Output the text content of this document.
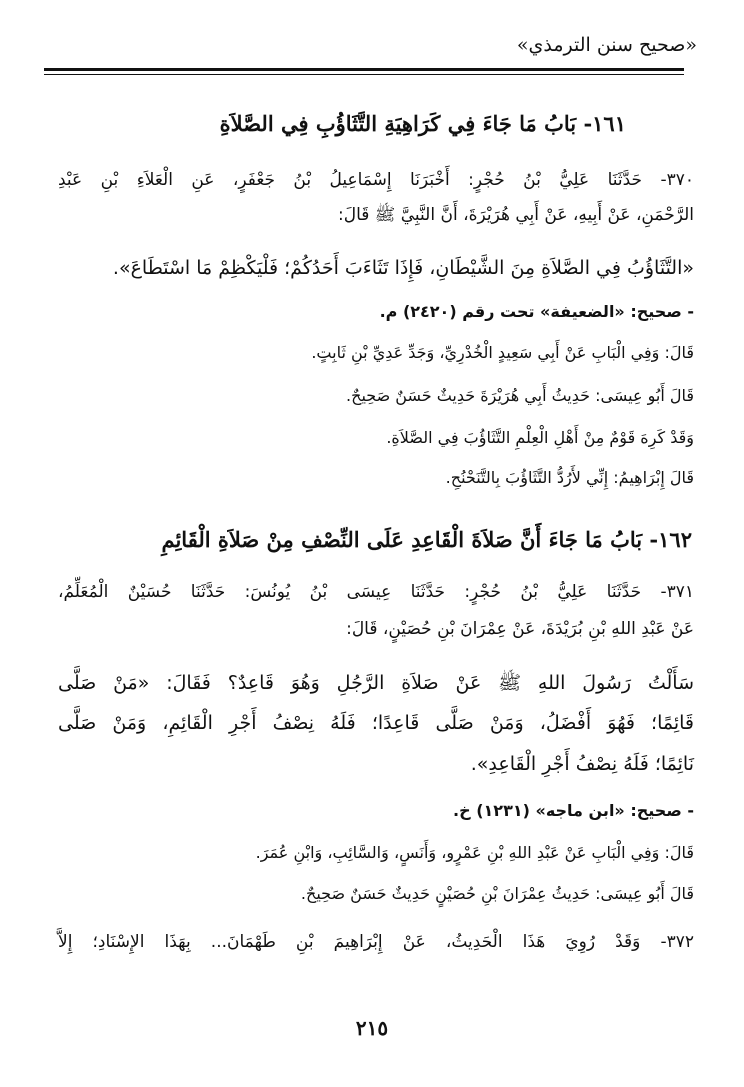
«صحيح سنن الترمذي»
١٦١- بَابُ مَا جَاءَ فِي كَرَاهِيَةِ التَّثَاؤُبِ فِي الصَّلاَةِ
٣٧٠- حَدَّثَنَا عَلِيُّ بْنُ حُجْرٍ: أَخْبَرَنَا إِسْمَاعِيلُ بْنُ جَعْفَرٍ، عَنِ الْعَلاَءِ بْنِ عَبْدِ
الرَّحْمَنِ، عَنْ أَبِيهِ، عَنْ أَبِي هُرَيْرَةَ، أَنَّ النَّبِيَّ ﷺ قَالَ:
«التَّثَاؤُبُ فِي الصَّلاَةِ مِنَ الشَّيْطَانِ، فَإِذَا تَثَاءَبَ أَحَدُكُمْ؛ فَلْيَكْظِمْ مَا اسْتَطَاعَ».
- صحيح: «الضعيفة» تحت رقم (٢٤٢٠) م.
قَالَ: وَفِي الْبَابِ عَنْ أَبِي سَعِيدٍ الْخُدْرِيِّ، وَجَدِّ عَدِيِّ بْنِ ثَابِتٍ.
قَالَ أَبُو عِيسَى: حَدِيثُ أَبِي هُرَيْرَةَ حَدِيثٌ حَسَنٌ صَحِيحٌ.
وَقَدْ كَرِهَ قَوْمٌ مِنْ أَهْلِ الْعِلْمِ التَّثَاؤُبَ فِي الصَّلاَةِ.
قَالَ إِبْرَاهِيمُ: إِنِّي لأَرُدُّ التَّثَاؤُبَ بِالتَّنَحْنُحِ.
١٦٢- بَابُ مَا جَاءَ أَنَّ صَلاَةَ الْقَاعِدِ عَلَى النِّصْفِ مِنْ صَلاَةِ الْقَائِمِ
٣٧١- حَدَّثَنَا عَلِيُّ بْنُ حُجْرٍ: حَدَّثَنَا عِيسَى بْنُ يُونُسَ: حَدَّثَنَا حُسَيْنٌ الْمُعَلِّمُ،
عَنْ عَبْدِ اللهِ بْنِ بُرَيْدَةَ، عَنْ عِمْرَانَ بْنِ حُصَيْنٍ، قَالَ:
سَأَلْتُ رَسُولَ اللهِ ﷺ عَنْ صَلاَةِ الرَّجُلِ وَهُوَ قَاعِدٌ؟ فَقَالَ: «مَنْ صَلَّى
قَائِمًا؛ فَهُوَ أَفْضَلُ، وَمَنْ صَلَّى قَاعِدًا؛ فَلَهُ نِصْفُ أَجْرِ الْقَائِمِ، وَمَنْ صَلَّى
نَائِمًا؛ فَلَهُ نِصْفُ أَجْرِ الْقَاعِدِ».
- صحيح: «ابن ماجه» (١٢٣١) خ.
قَالَ: وَفِي الْبَابِ عَنْ عَبْدِ اللهِ بْنِ عَمْرٍو، وَأَنَسٍ، وَالسَّائِبِ، وَابْنِ عُمَرَ.
قَالَ أَبُو عِيسَى: حَدِيثُ عِمْرَانَ بْنِ حُصَيْنٍ حَدِيثٌ حَسَنٌ صَحِيحٌ.
٣٧٢- وَقَدْ رُوِيَ هَذَا الْحَدِيثُ، عَنْ إِبْرَاهِيمَ بْنِ طَهْمَانَ... بِهَذَا الإِسْنَادِ؛ إِلاَّ
٢١٥
